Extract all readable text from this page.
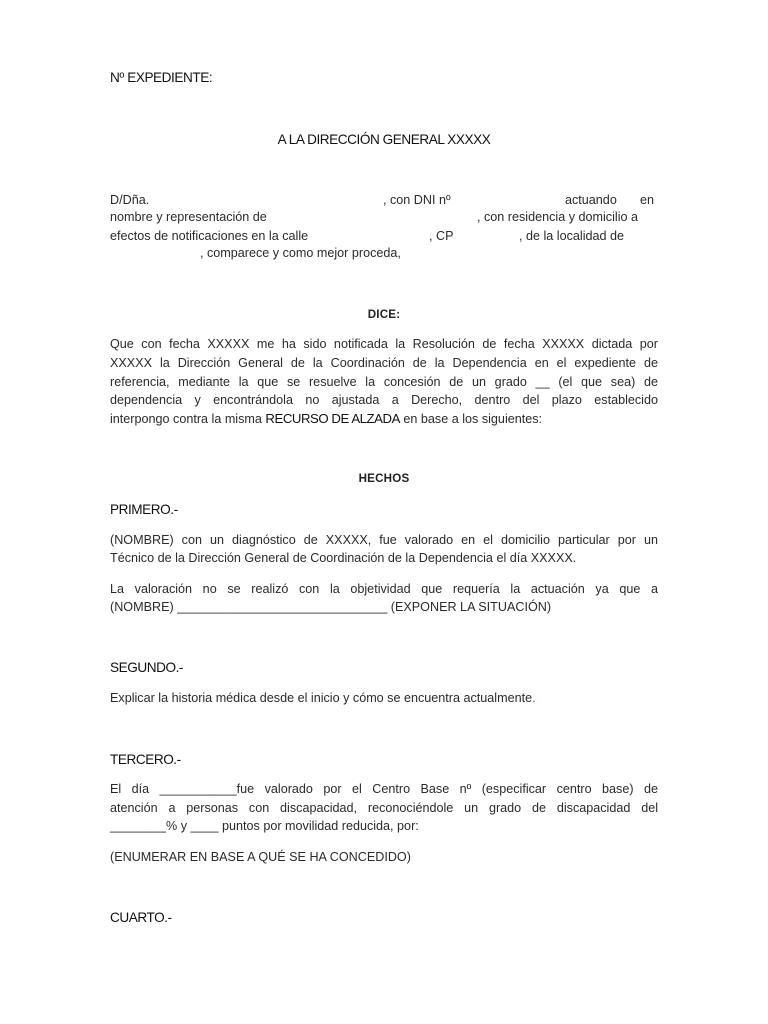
Nº EXPEDIENTE:
A LA DIRECCIÓN GENERAL XXXXX
D/Dña.	, con DNI nº	actuando en
nombre y representación de	, con residencia y domicilio a
efectos de notificaciones en la calle	, CP	, de la localidad de
, comparece y como mejor proceda,
DICE:
Que con fecha XXXXX me ha sido notificada la Resolución de fecha XXXXX dictada por
XXXXX la Dirección General de la Coordinación de la Dependencia en el expediente de
referencia, mediante la que se resuelve la concesión de un grado __ (el que sea) de
dependencia y encontrándola no ajustada a Derecho, dentro del plazo establecido
interpongo contra la misma RECURSO DE ALZADA en base a los siguientes:
HECHOS
PRIMERO.-
(NOMBRE) con un diagnóstico de XXXXX, fue valorado en el domicilio particular por un
Técnico de la Dirección General de Coordinación de la Dependencia el día XXXXX.
La valoración no se realizó con la objetividad que requería la actuación ya que a
(NOMBRE) ______________________________ (EXPONER LA SITUACIÓN)
SEGUNDO.-
Explicar la historia médica desde el inicio y cómo se encuentra actualmente.
TERCERO.-
El día ___________fue valorado por el Centro Base nº (especificar centro base) de
atención a personas con discapacidad, reconociéndole un grado de discapacidad del
________% y ____ puntos por movilidad reducida, por:
(ENUMERAR EN BASE A QUÉ SE HA CONCEDIDO)
CUARTO.-
